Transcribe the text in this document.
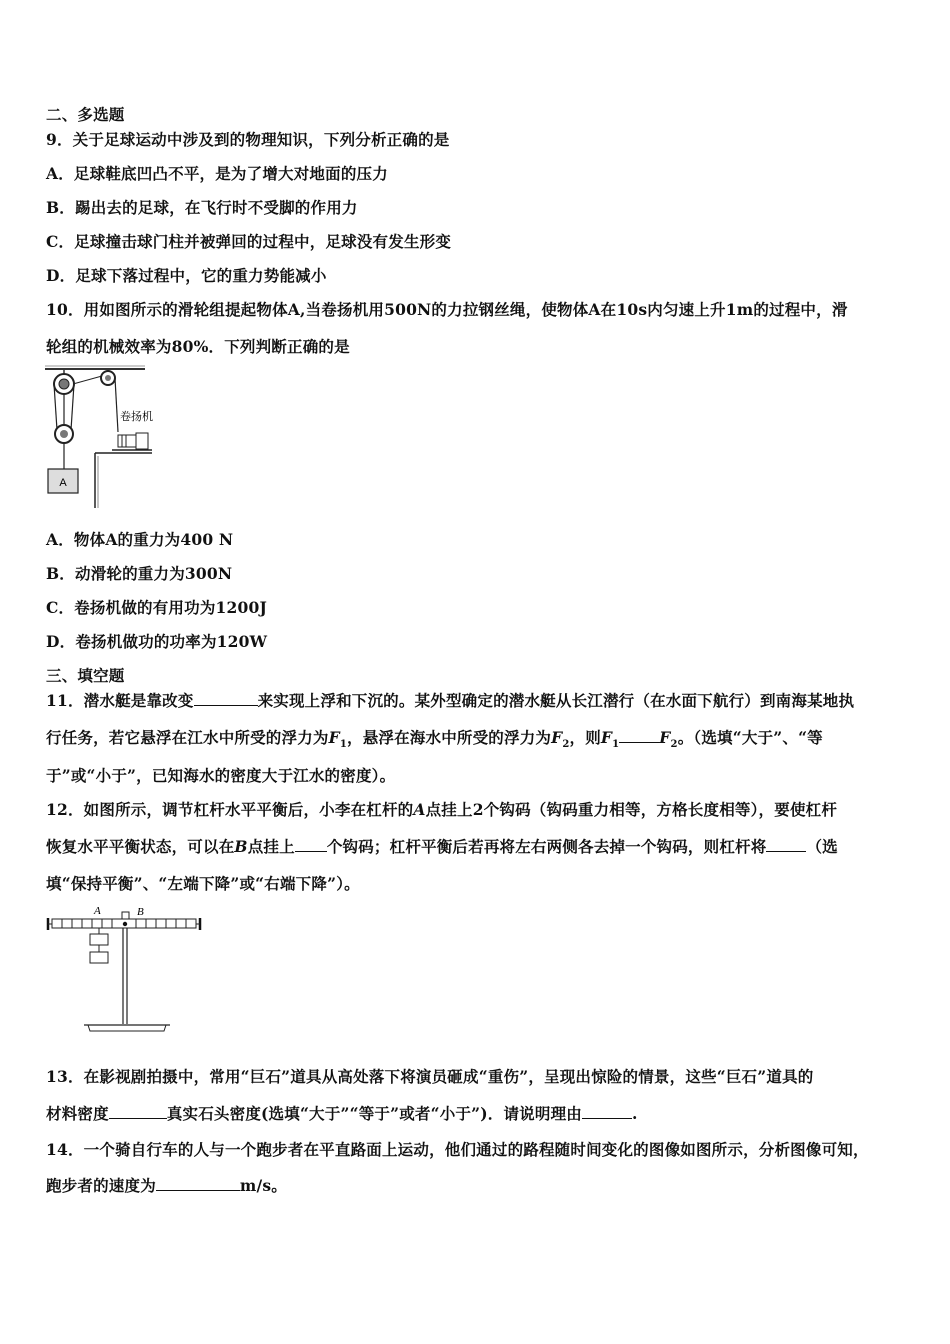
二、多选题
9．关于足球运动中涉及到的物理知识，下列分析正确的是
A．足球鞋底凹凸不平，是为了增大对地面的压力
B．踢出去的足球，在飞行时不受脚的作用力
C．足球撞击球门柱并被弹回的过程中，足球没有发生形变
D．足球下落过程中，它的重力势能减小
10．用如图所示的滑轮组提起物体A,当卷扬机用500N的力拉钢丝绳，使物体A在10s内匀速上升1m的过程中，滑
轮组的机械效率为80%．下列判断正确的是
A
卷扬机
A．物体A的重力为400 N
B．动滑轮的重力为300N
C．卷扬机做的有用功为1200J
D．卷扬机做功的功率为120W
三、填空题
11．潜水艇是靠改变	来实现上浮和下沉的。某外型确定的潜水艇从长江潜行（在水面下航行）到南海某地执
行任务，若它悬浮在江水中所受的浮力为$F_1$，悬浮在海水中所受的浮力为$F_2$，则$F_1$	$F_2$。（选填“大于”、“等
于”或“小于”，已知海水的密度大于江水的密度）。
12．如图所示，调节杠杆水平平衡后，小李在杠杆的A点挂上2个钩码（钩码重力相等，方格长度相等），要使杠杆
恢复水平平衡状态，可以在B点挂上 个钩码；杠杆平衡后若再将左右两侧各去掉一个钩码，则杠杆将	（选
填“保持平衡”、“左端下降”或“右端下降”）。
A	B
13．在影视剧拍摄中，常用“巨石”道具从高处落下将演员砸成“重伤”，呈现出惊险的情景，这些“巨石”道具的
材料密度	真实石头密度(选填“大于”“等于”或者“小于”)．请说明理由	.
14．一个骑自行车的人与一个跑步者在平直路面上运动，他们通过的路程随时间变化的图像如图所示，分析图像可知，
跑步者的速度为	m/s。
